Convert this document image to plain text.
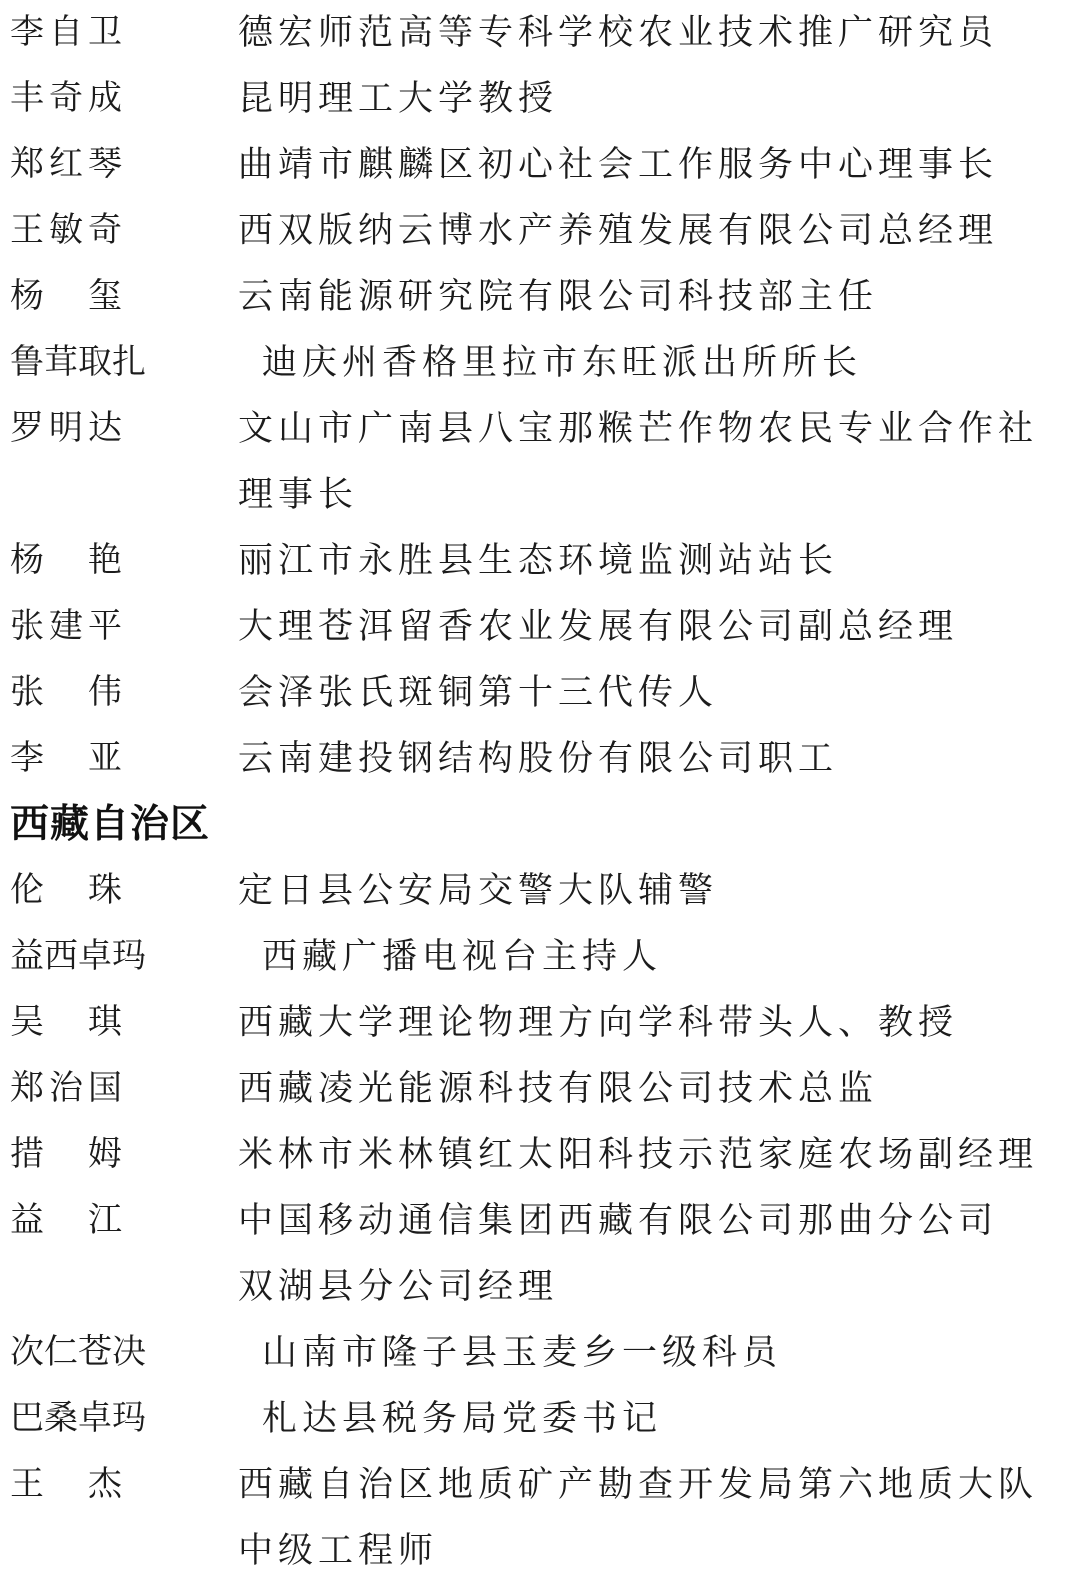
李 自 卫	德宏师范高等专科学校农业技术推广研究员
丰 奇 成	昆明理工大学教授
郑 红 琴	曲靖市麒麟区初心社会工作服务中心理事长
王 敏 奇	西双版纳云博水产养殖发展有限公司总经理
杨 玺	云南能源研究院有限公司科技部主任
鲁 茸 取 扎	迪庆州香格里拉市东旺派出所所长
罗 明 达	文山市广南县八宝那糇芒作物农民专业合作社
理事长
杨 艳	丽江市永胜县生态环境监测站站长
张 建 平	大理苍洱留香农业发展有限公司副总经理
张 伟	会泽张氏斑铜第十三代传人
李 亚	云南建投钢结构股份有限公司职工
西藏自治区
伦 珠	定日县公安局交警大队辅警
益 西 卓 玛	西藏广播电视台主持人
吴 琪	西藏大学理论物理方向学科带头人、教授
郑 治 国	西藏凌光能源科技有限公司技术总监
措 姆	米林市米林镇红太阳科技示范家庭农场副经理
益 江	中国移动通信集团西藏有限公司那曲分公司
双湖县分公司经理
次 仁 苍 决	山南市隆子县玉麦乡一级科员
巴 桑 卓 玛	札达县税务局党委书记
王 杰	西藏自治区地质矿产勘查开发局第六地质大队
中级工程师
